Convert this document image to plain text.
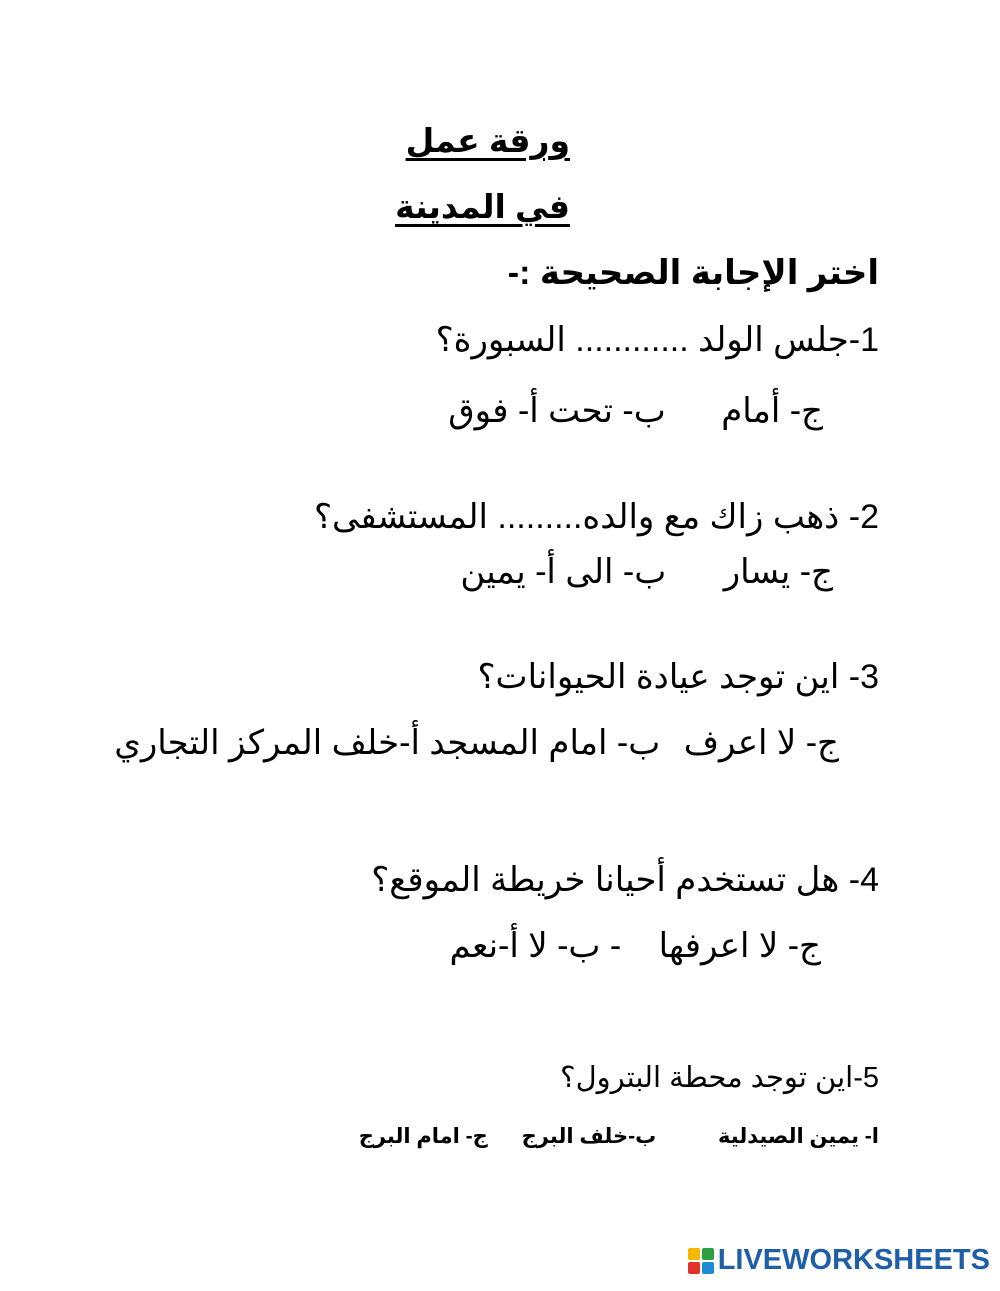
ورقة عمل
في المدينة
اختر الإجابة الصحيحة :-
1-جلس الولد ............ السبورة؟
أ- فوق ب- تحت ج- أمام
2- ذهب زاك مع والده......... المستشفى؟
أ- يمين ب- الى ج- يسار
3- اين توجد عيادة الحيوانات؟
أ-خلف المركز التجاري ب- امام المسجد ج- لا اعرف
4- هل تستخدم أحيانا خريطة الموقع؟
أ-نعم - ب- لا ج- لا اعرفها
5-اين توجد محطة البترول؟
ا- يمين الصيدلية ب-خلف البرج ج- امام البرج
LIVEWORKSHEETS
